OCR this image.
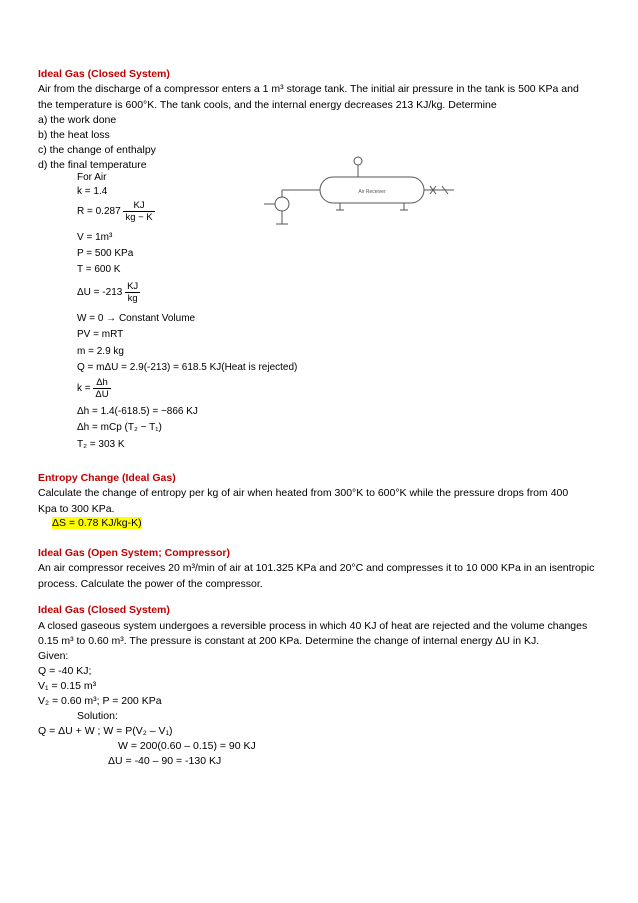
Ideal Gas (Closed System)
Air from the discharge of a compressor enters a 1 m³ storage tank. The initial air pressure in the tank is 500 KPa and
the temperature is 600°K. The tank cools, and the internal energy decreases 213 KJ/kg. Determine
a) the work done
b) the heat loss
c) the change of enthalpy
d) the final temperature
For Air
k = 1.4
$R = 0.287 \frac{KJ}{kg - K}$
Air Receiver
V = 1m³
P = 500 KPa
T = 600 K
$\Delta U = -213 \frac{KJ}{kg}$
W = 0 → Constant Volume
PV = mRT
m = 2.9 kg
Q = mΔU = 2.9(-213) = 618.5 KJ(Heat is rejected)
$k = \frac{\Delta h}{\Delta U}$
Δh = 1.4(-618.5) = −866 KJ
Δh = mCp (T₂ − T₁)
T₂ = 303 K
Entropy Change (Ideal Gas)
Calculate the change of entropy per kg of air when heated from 300°K to 600°K while the pressure drops from 400
Kpa to 300 KPa.
ΔS = 0.78 KJ/kg-K)
Ideal Gas (Open System; Compressor)
An air compressor receives 20 m³/min of air at 101.325 KPa and 20°C and compresses it to 10 000 KPa in an isentropic
process. Calculate the power of the compressor.
Ideal Gas (Closed System)
A closed gaseous system undergoes a reversible process in which 40 KJ of heat are rejected and the volume changes
0.15 m³ to 0.60 m³. The pressure is constant at 200 KPa. Determine the change of internal energy ΔU in KJ.
Given:
Q = -40 KJ;
V₁ = 0.15 m³
V₂ = 0.60 m³; P = 200 KPa
Solution:
Q = ΔU + W ; W = P(V₂ – V₁)
W = 200(0.60 – 0.15) = 90 KJ
ΔU = -40 – 90 = -130 KJ
